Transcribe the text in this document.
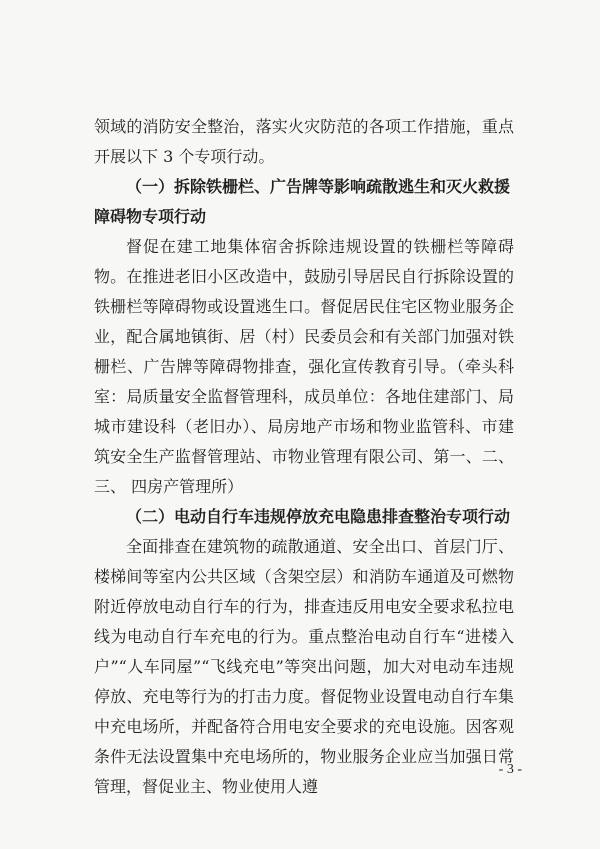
领域的消防安全整治，落实火灾防范的各项工作措施，重点开展以下 3 个专项行动。

（一）拆除铁栅栏、广告牌等影响疏散逃生和灭火救援障碍物专项行动

督促在建工地集体宿舍拆除违规设置的铁栅栏等障碍物。在推进老旧小区改造中，鼓励引导居民自行拆除设置的铁栅栏等障碍物或设置逃生口。督促居民住宅区物业服务企业，配合属地镇街、居（村）民委员会和有关部门加强对铁栅栏、广告牌等障碍物排查，强化宣传教育引导。（牵头科室：局质量安全监督管理科，成员单位：各地住建部门、局城市建设科（老旧办）、局房地产市场和物业监管科、市建筑安全生产监督管理站、市物业管理有限公司、第一、二、三、 四房产管理所）

（二）电动自行车违规停放充电隐患排查整治专项行动

全面排查在建筑物的疏散通道、安全出口、首层门厅、楼梯间等室内公共区域（含架空层）和消防车通道及可燃物附近停放电动自行车的行为，排查违反用电安全要求私拉电线为电动自行车充电的行为。重点整治电动自行车“进楼入户”“人车同屋”“飞线充电”等突出问题，加大对电动车违规停放、充电等行为的打击力度。督促物业设置电动自行车集中充电场所，并配备符合用电安全要求的充电设施。因客观条件无法设置集中充电场所的，物业服务企业应当加强日常管理，督促业主、物业使用人遵

- 3 -
